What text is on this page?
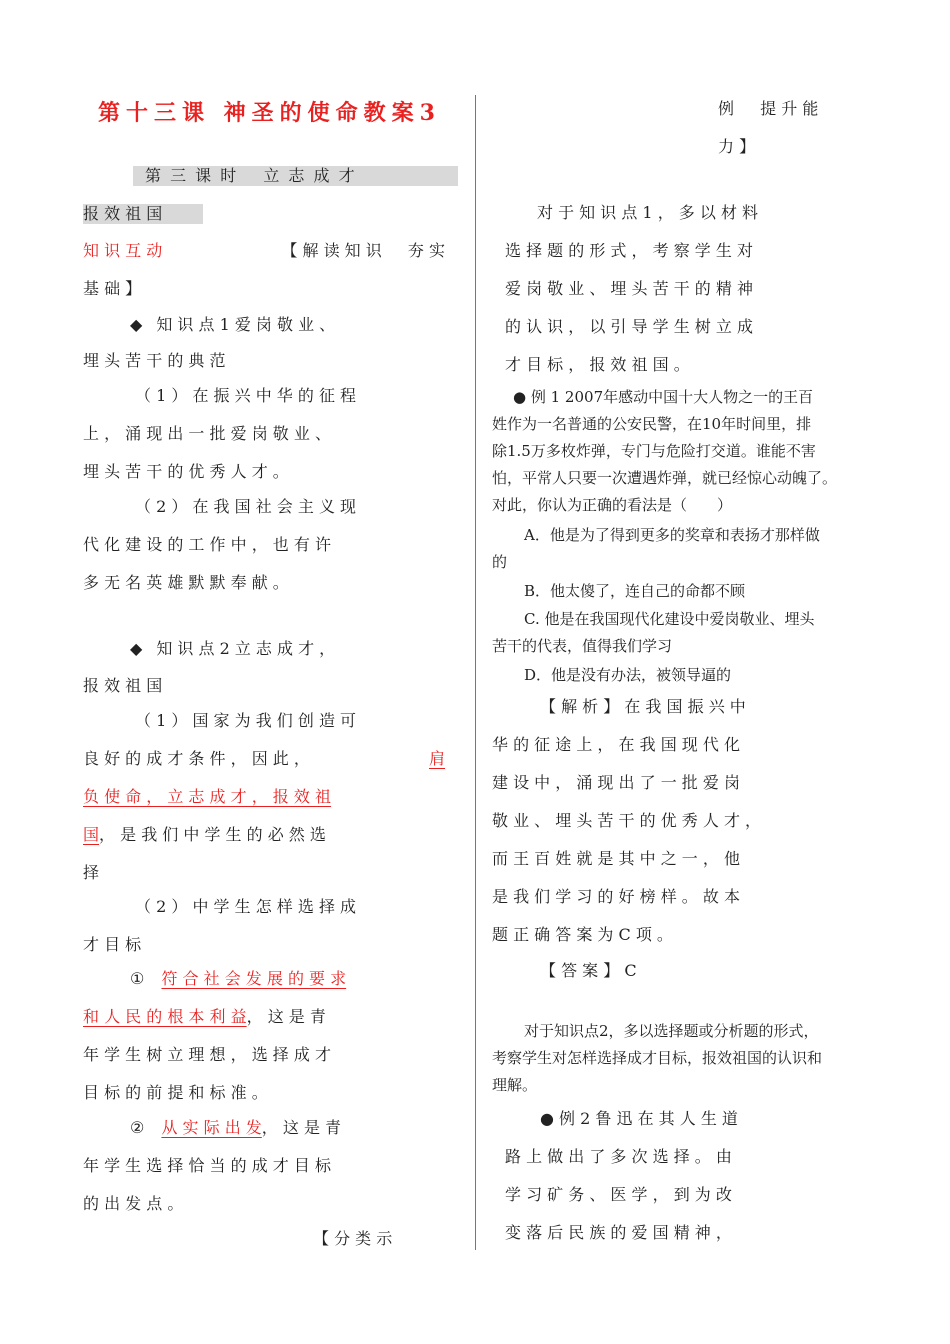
第十三课 神圣的使命教案3
第 三 课 时　 立 志 成 才
报 效 祖 国
知 识 互 动	【 解 读 知 识 　 夯 实
基 础 】
◆ 知 识 点 1 爱 岗 敬 业 、
埋 头 苦 干 的 典 范
（ 1 ） 在 振 兴 中 华 的 征 程
上 ， 涌 现 出 一 批 爱 岗 敬 业 、
埋 头 苦 干 的 优 秀 人 才 。
（ 2 ） 在 我 国 社 会 主 义 现
代 化 建 设 的 工 作 中 ， 也 有 许
多 无 名 英 雄 默 默 奉 献 。
◆ 知 识 点 2 立 志 成 才 ，
报 效 祖 国
（ 1 ） 国 家 为 我 们 创 造 可
良 好 的 成 才 条 件 ， 因 此 ，	肩
负 使 命 ， 立 志 成 才 ， 报 效 祖
国， 是 我 们 中 学 生 的 必 然 选
择
（ 2 ） 中 学 生 怎 样 选 择 成
才 目 标
① 符 合 社 会 发 展 的 要 求
和 人 民 的 根 本 利 益， 这 是 青
年 学 生 树 立 理 想 ， 选 择 成 才
目 标 的 前 提 和 标 准 。
② 从 实 际 出 发， 这 是 青
年 学 生 选 择 恰 当 的 成 才 目 标
的 出 发 点 。
【 分 类 示
例 　 提 升 能
力 】
对 于 知 识 点 1 ， 多 以 材 料
选 择 题 的 形 式 ， 考 察 学 生 对
爱 岗 敬 业 、 埋 头 苦 干 的 精 神
的 认 识 ， 以 引 导 学 生 树 立 成
才 目 标 ， 报 效 祖 国 。
● 例 1 2007年感动中国十大人物之一的王百
姓作为一名普通的公安民警，在10年时间里，排
除1.5万多枚炸弹，专门与危险打交道。谁能不害
怕，平常人只要一次遭遇炸弹，就已经惊心动魄了。
对此，你认为正确的看法是（　　）
A．他是为了得到更多的奖章和表扬才那样做
的
B．他太傻了，连自己的命都不顾
C. 他是在我国现代化建设中爱岗敬业、埋头
苦干的代表，值得我们学习
D．他是没有办法，被领导逼的
【 解 析 】 在 我 国 振 兴 中
华 的 征 途 上 ， 在 我 国 现 代 化
建 设 中 ， 涌 现 出 了 一 批 爱 岗
敬 业 、 埋 头 苦 干 的 优 秀 人 才 ，
而 王 百 姓 就 是 其 中 之 一 ， 他
是 我 们 学 习 的 好 榜 样 。 故 本
题 正 确 答 案 为 C 项 。
【 答 案 】 C
对于知识点2，多以选择题或分析题的形式，
考察学生对怎样选择成才目标，报效祖国的认识和
理解。
● 例 2 鲁 迅 在 其 人 生 道
路 上 做 出 了 多 次 选 择 。 由
学 习 矿 务 、 医 学 ， 到 为 改
变 落 后 民 族 的 爱 国 精 神 ，
